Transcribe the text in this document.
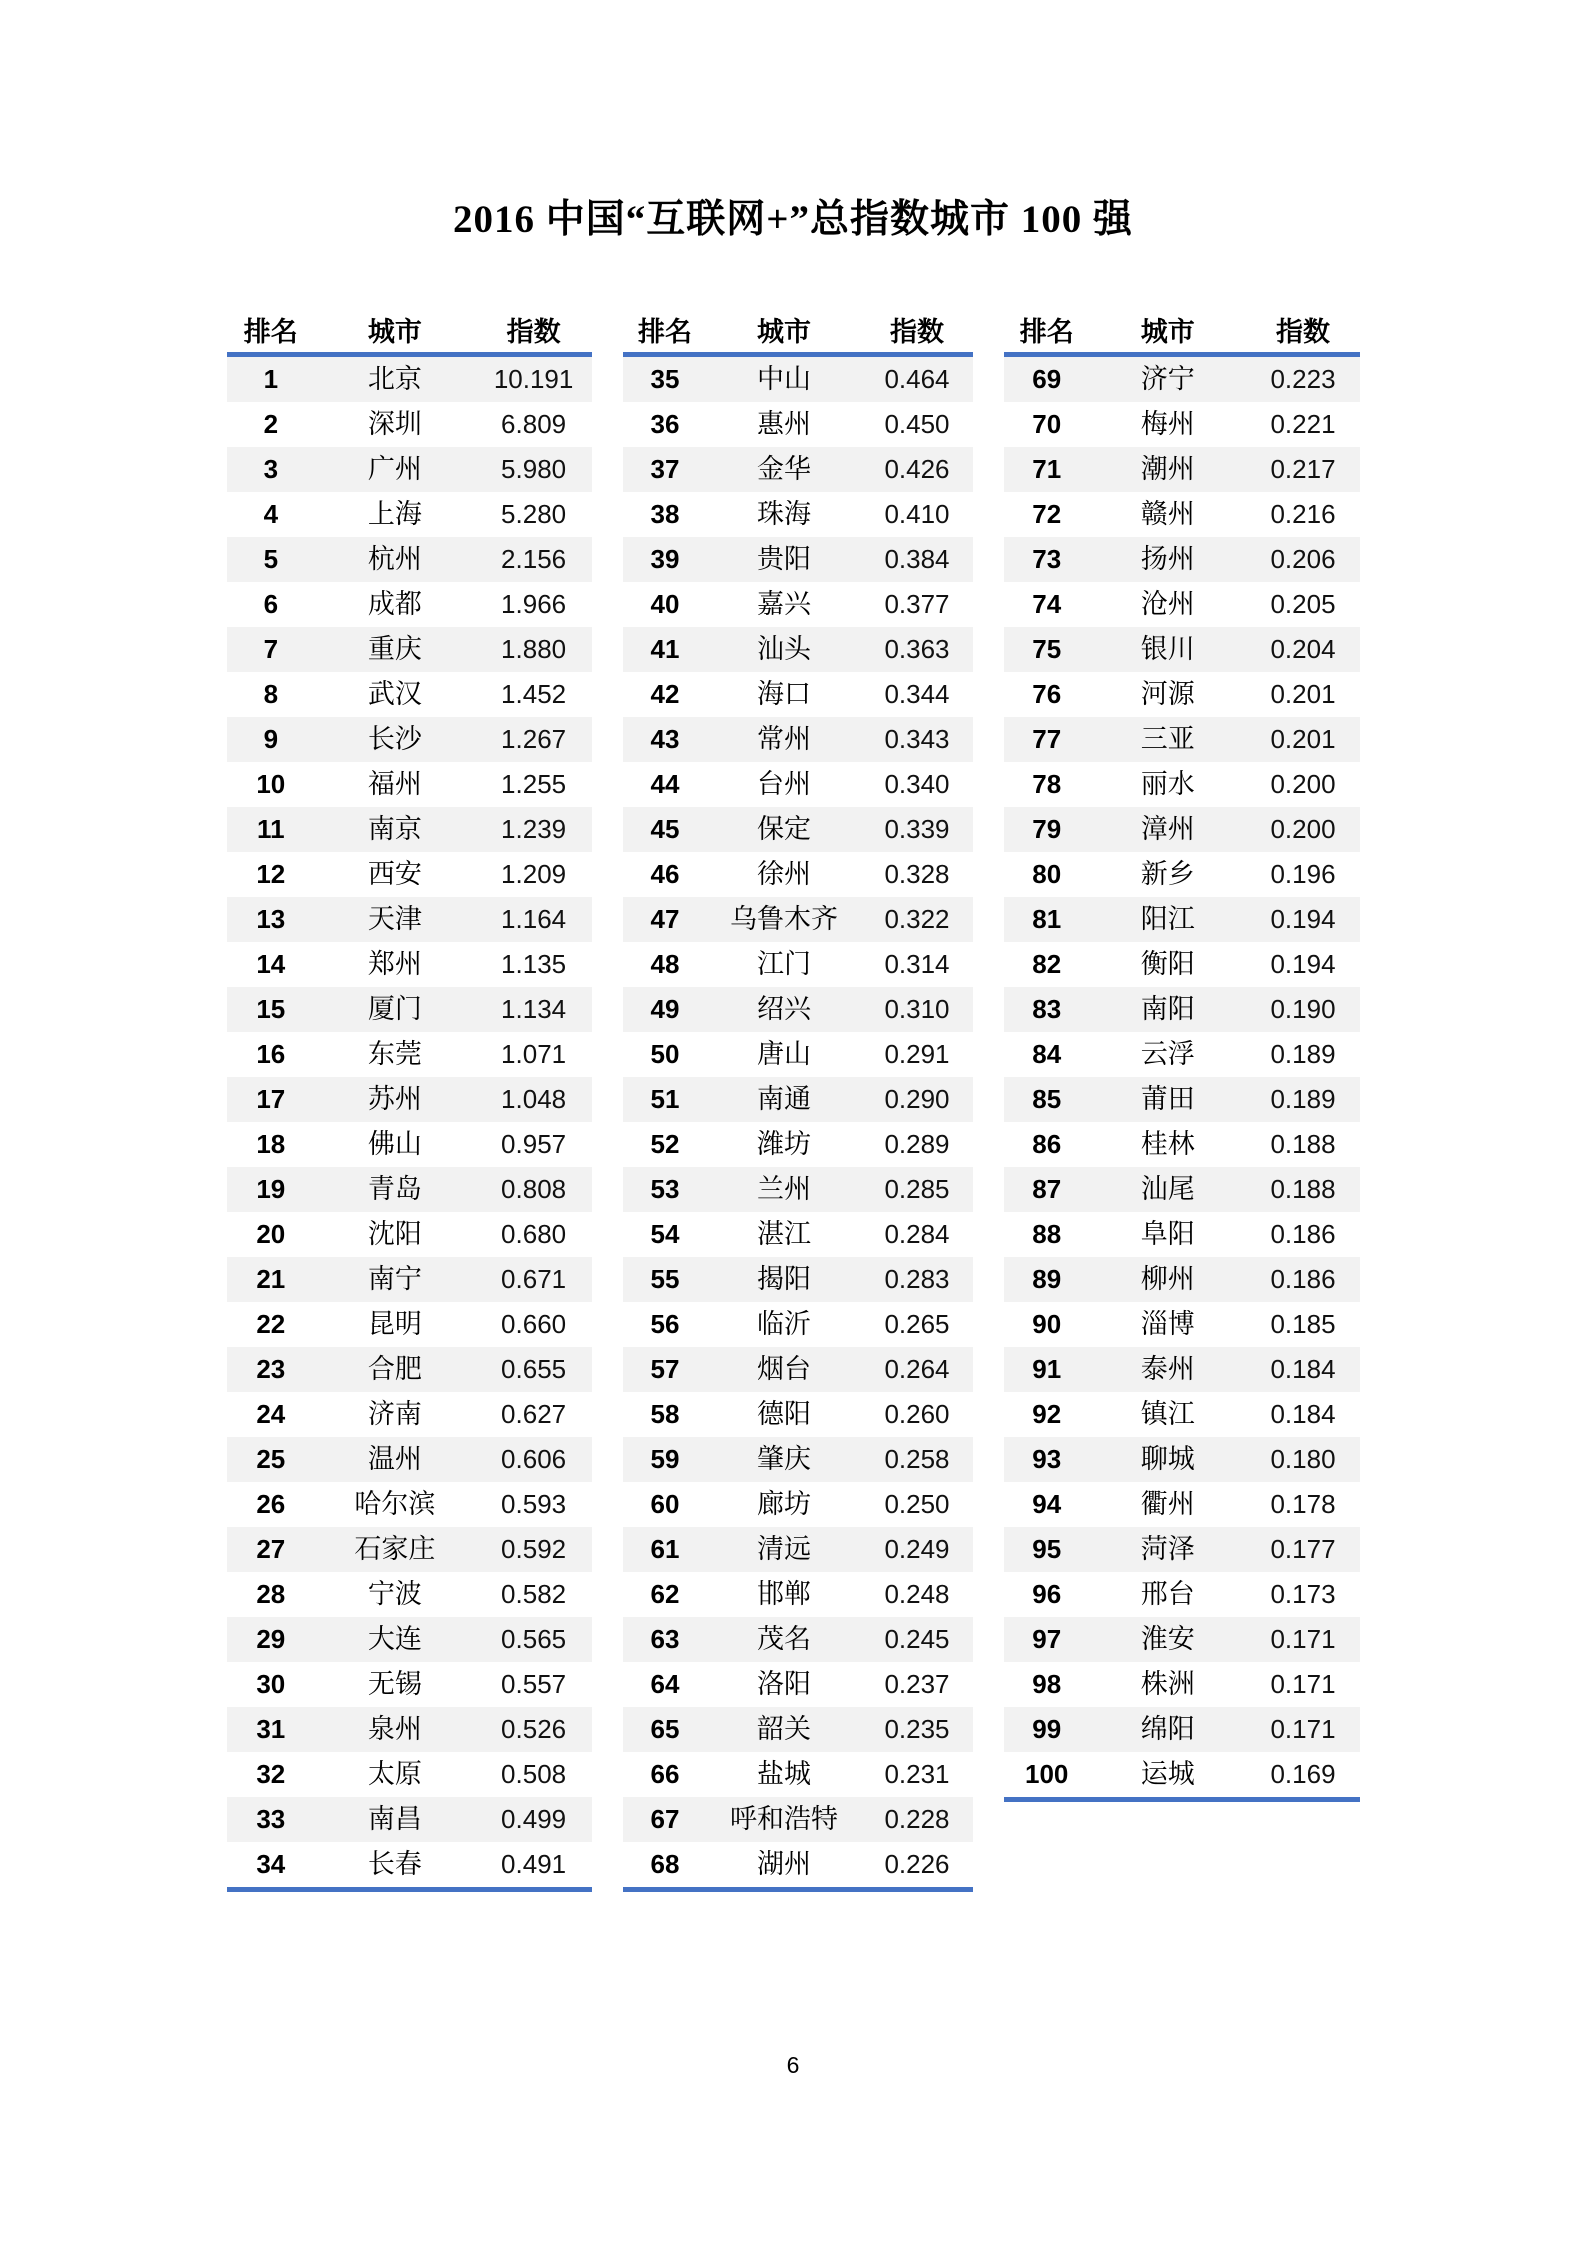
2016 中国“互联网+”总指数城市 100 强
排名	城市	指数
1	北京	10.191
2	深圳	6.809
3	广州	5.980
4	上海	5.280
5	杭州	2.156
6	成都	1.966
7	重庆	1.880
8	武汉	1.452
9	长沙	1.267
10	福州	1.255
11	南京	1.239
12	西安	1.209
13	天津	1.164
14	郑州	1.135
15	厦门	1.134
16	东莞	1.071
17	苏州	1.048
18	佛山	0.957
19	青岛	0.808
20	沈阳	0.680
21	南宁	0.671
22	昆明	0.660
23	合肥	0.655
24	济南	0.627
25	温州	0.606
26	哈尔滨	0.593
27	石家庄	0.592
28	宁波	0.582
29	大连	0.565
30	无锡	0.557
31	泉州	0.526
32	太原	0.508
33	南昌	0.499
34	长春	0.491
排名	城市	指数
35	中山	0.464
36	惠州	0.450
37	金华	0.426
38	珠海	0.410
39	贵阳	0.384
40	嘉兴	0.377
41	汕头	0.363
42	海口	0.344
43	常州	0.343
44	台州	0.340
45	保定	0.339
46	徐州	0.328
47	乌鲁木齐	0.322
48	江门	0.314
49	绍兴	0.310
50	唐山	0.291
51	南通	0.290
52	潍坊	0.289
53	兰州	0.285
54	湛江	0.284
55	揭阳	0.283
56	临沂	0.265
57	烟台	0.264
58	德阳	0.260
59	肇庆	0.258
60	廊坊	0.250
61	清远	0.249
62	邯郸	0.248
63	茂名	0.245
64	洛阳	0.237
65	韶关	0.235
66	盐城	0.231
67	呼和浩特	0.228
68	湖州	0.226
排名	城市	指数
69	济宁	0.223
70	梅州	0.221
71	潮州	0.217
72	赣州	0.216
73	扬州	0.206
74	沧州	0.205
75	银川	0.204
76	河源	0.201
77	三亚	0.201
78	丽水	0.200
79	漳州	0.200
80	新乡	0.196
81	阳江	0.194
82	衡阳	0.194
83	南阳	0.190
84	云浮	0.189
85	莆田	0.189
86	桂林	0.188
87	汕尾	0.188
88	阜阳	0.186
89	柳州	0.186
90	淄博	0.185
91	泰州	0.184
92	镇江	0.184
93	聊城	0.180
94	衢州	0.178
95	菏泽	0.177
96	邢台	0.173
97	淮安	0.171
98	株洲	0.171
99	绵阳	0.171
100	运城	0.169
6
